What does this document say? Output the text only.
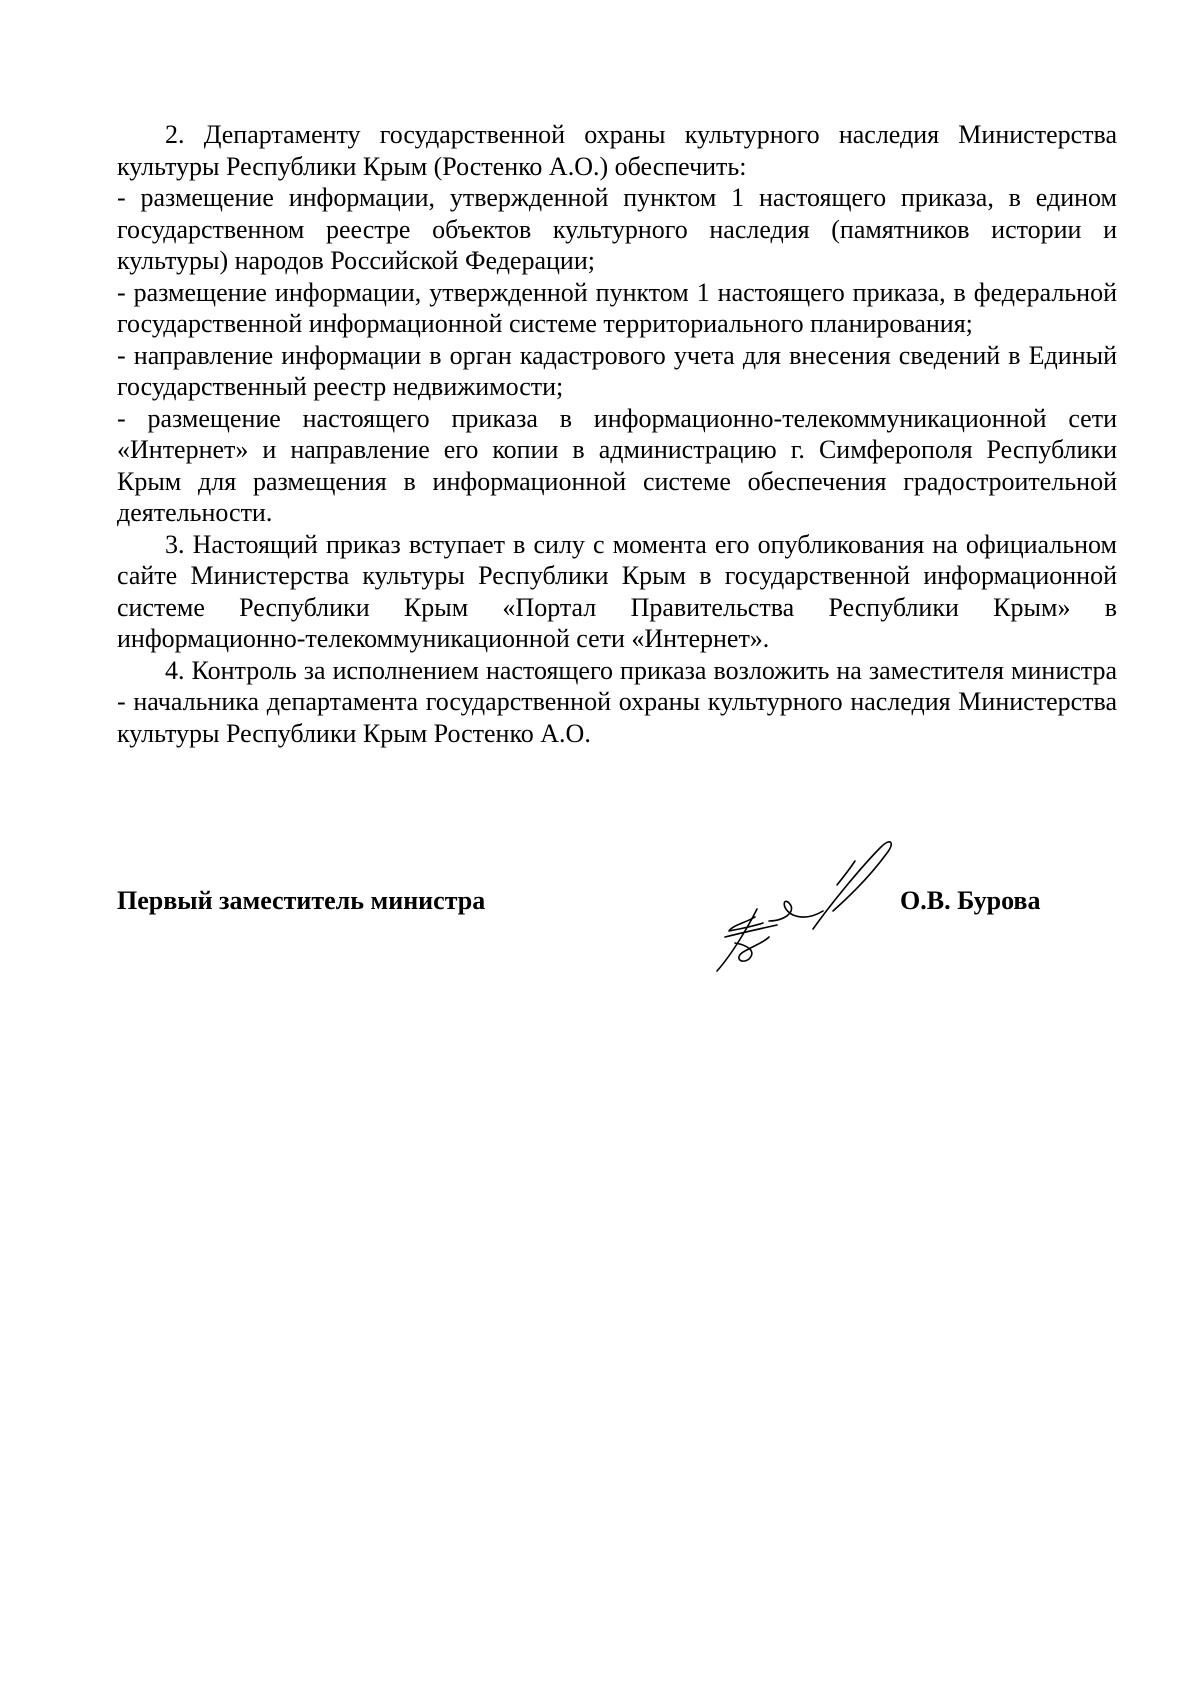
2. Департаменту государственной охраны культурного наследия Министерства культуры Республики Крым (Ростенко А.О.) обеспечить:

- размещение информации, утвержденной пунктом 1 настоящего приказа, в едином государственном реестре объектов культурного наследия (памятников истории и культуры) народов Российской Федерации;

- размещение информации, утвержденной пунктом 1 настоящего приказа, в федеральной государственной информационной системе территориального планирования;

- направление информации в орган кадастрового учета для внесения сведений в Единый государственный реестр недвижимости;

- размещение настоящего приказа в информационно-телекоммуникационной сети «Интернет» и направление его копии в администрацию г. Симферополя Республики Крым для размещения в информационной системе обеспечения градостроительной деятельности.

3. Настоящий приказ вступает в силу с момента его опубликования на официальном сайте Министерства культуры Республики Крым в государственной информационной системе Республики Крым «Портал Правительства Республики Крым» в информационно-телекоммуникационной сети «Интернет».

4. Контроль за исполнением настоящего приказа возложить на заместителя министра - начальника департамента государственной охраны культурного наследия Министерства культуры Республики Крым Ростенко А.О.

Первый заместитель министра	О.В. Бурова
